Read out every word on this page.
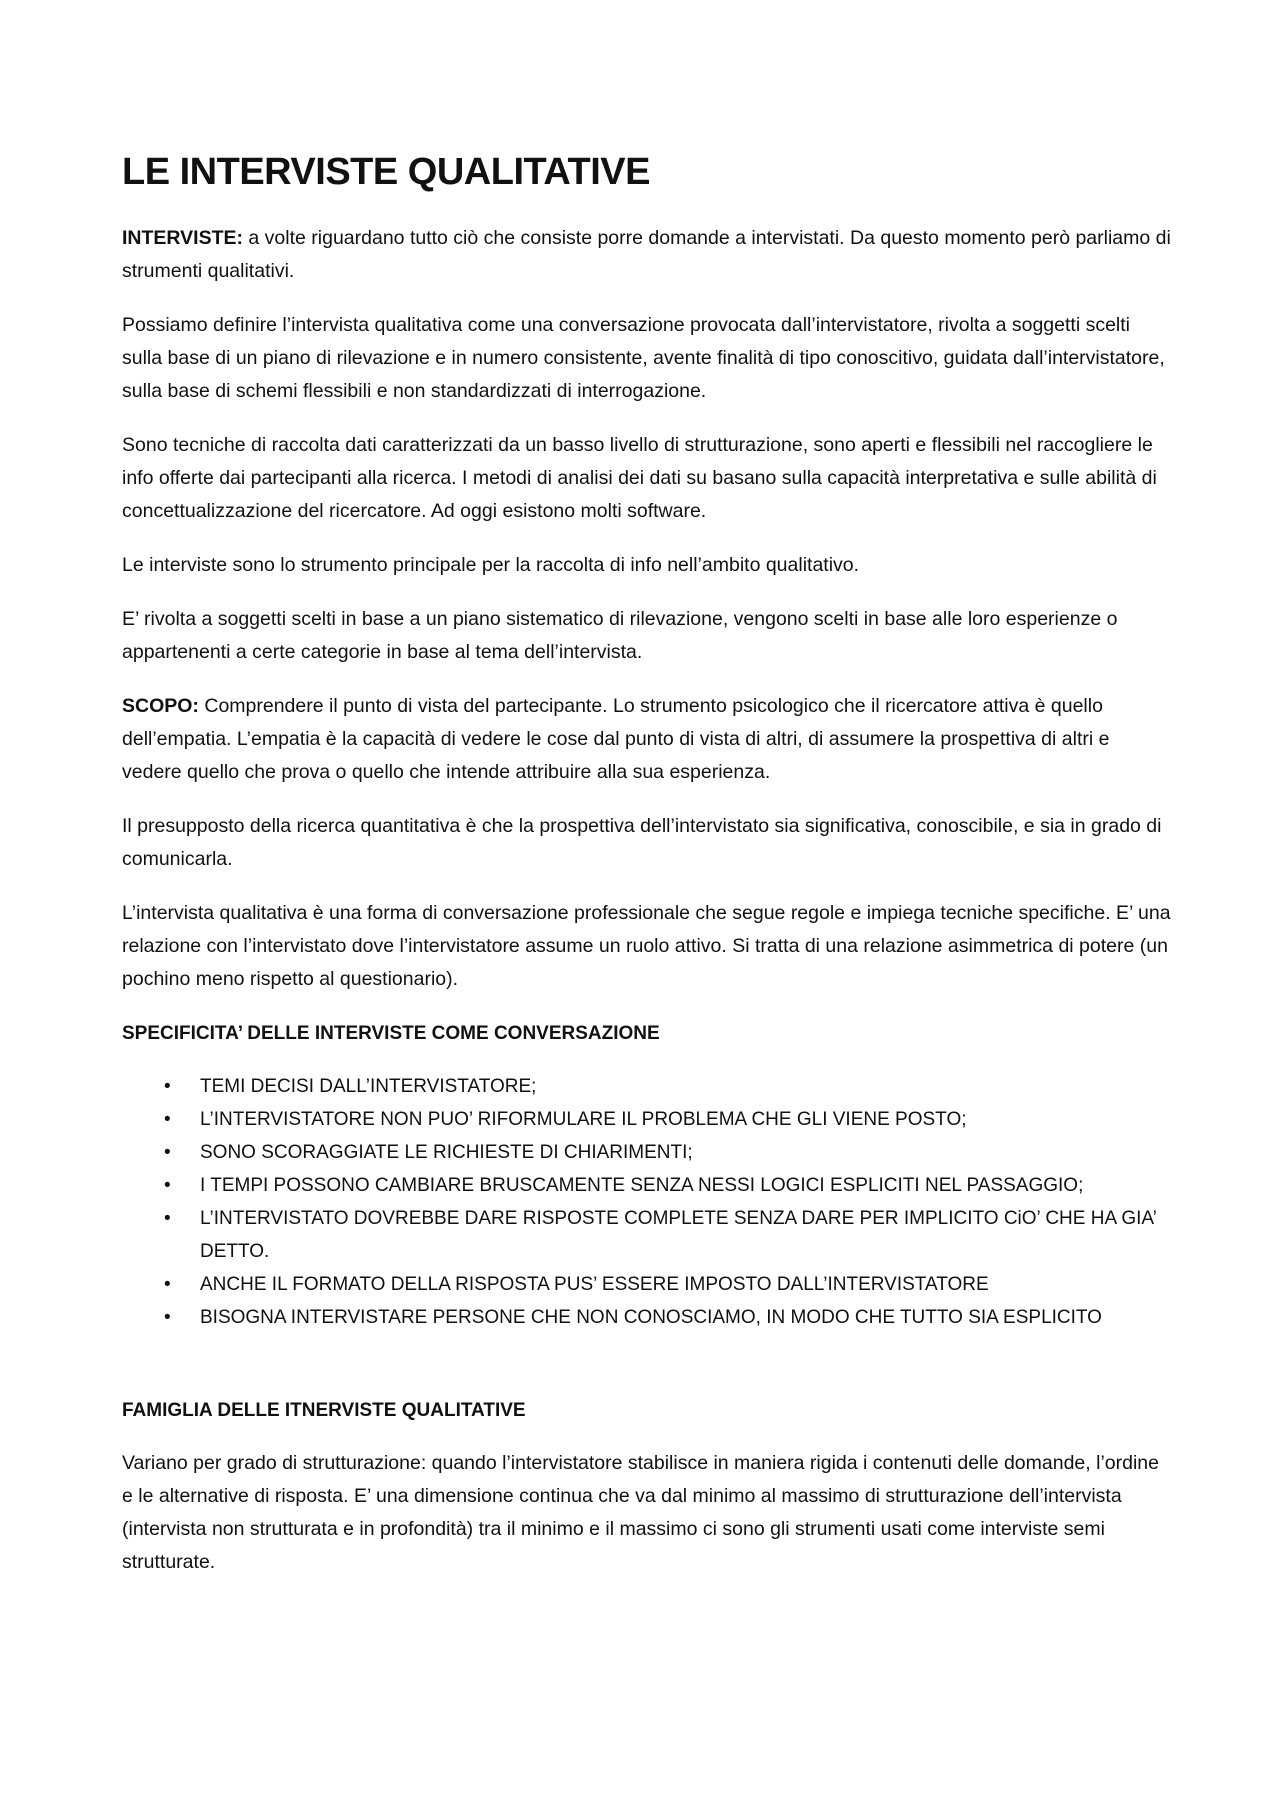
LE INTERVISTE QUALITATIVE

INTERVISTE: a volte riguardano tutto ciò che consiste porre domande a intervistati. Da questo momento però parliamo di strumenti qualitativi.

Possiamo definire l’intervista qualitativa come una conversazione provocata dall’intervistatore, rivolta a soggetti scelti sulla base di un piano di rilevazione e in numero consistente, avente finalità di tipo conoscitivo, guidata dall’intervistatore, sulla base di schemi flessibili e non standardizzati di interrogazione.

Sono tecniche di raccolta dati caratterizzati da un basso livello di strutturazione, sono aperti e flessibili nel raccogliere le info offerte dai partecipanti alla ricerca. I metodi di analisi dei dati su basano sulla capacità interpretativa e sulle abilità di concettualizzazione del ricercatore. Ad oggi esistono molti software.

Le interviste sono lo strumento principale per la raccolta di info nell’ambito qualitativo.

E’ rivolta a soggetti scelti in base a un piano sistematico di rilevazione, vengono scelti in base alle loro esperienze o appartenenti a certe categorie in base al tema dell’intervista.

SCOPO: Comprendere il punto di vista del partecipante. Lo strumento psicologico che il ricercatore attiva è quello dell’empatia. L’empatia è la capacità di vedere le cose dal punto di vista di altri, di assumere la prospettiva di altri e vedere quello che prova o quello che intende attribuire alla sua esperienza.

Il presupposto della ricerca quantitativa è che la prospettiva dell’intervistato sia significativa, conoscibile, e sia in grado di comunicarla.

L’intervista qualitativa è una forma di conversazione professionale che segue regole e impiega tecniche specifiche. E’ una relazione con l’intervistato dove l’intervistatore assume un ruolo attivo. Si tratta di una relazione asimmetrica di potere (un pochino meno rispetto al questionario).

SPECIFICITA’ DELLE INTERVISTE COME CONVERSAZIONE
• TEMI DECISI DALL’INTERVISTATORE;
• L’INTERVISTATORE NON PUO’ RIFORMULARE IL PROBLEMA CHE GLI VIENE POSTO;
• SONO SCORAGGIATE LE RICHIESTE DI CHIARIMENTI;
• I TEMPI POSSONO CAMBIARE BRUSCAMENTE SENZA NESSI LOGICI ESPLICITI NEL PASSAGGIO;
• L’INTERVISTATO DOVREBBE DARE RISPOSTE COMPLETE SENZA DARE PER IMPLICITO CiO’ CHE HA GIA’ DETTO.
• ANCHE IL FORMATO DELLA RISPOSTA PUS’ ESSERE IMPOSTO DALL’INTERVISTATORE
• BISOGNA INTERVISTARE PERSONE CHE NON CONOSCIAMO, IN MODO CHE TUTTO SIA ESPLICITO
FAMIGLIA DELLE ITNERVISTE QUALITATIVE

Variano per grado di strutturazione: quando l’intervistatore stabilisce in maniera rigida i contenuti delle domande, l’ordine e le alternative di risposta. E’ una dimensione continua che va dal minimo al massimo di strutturazione dell’intervista (intervista non strutturata e in profondità) tra il minimo e il massimo ci sono gli strumenti usati come interviste semi strutturate.
